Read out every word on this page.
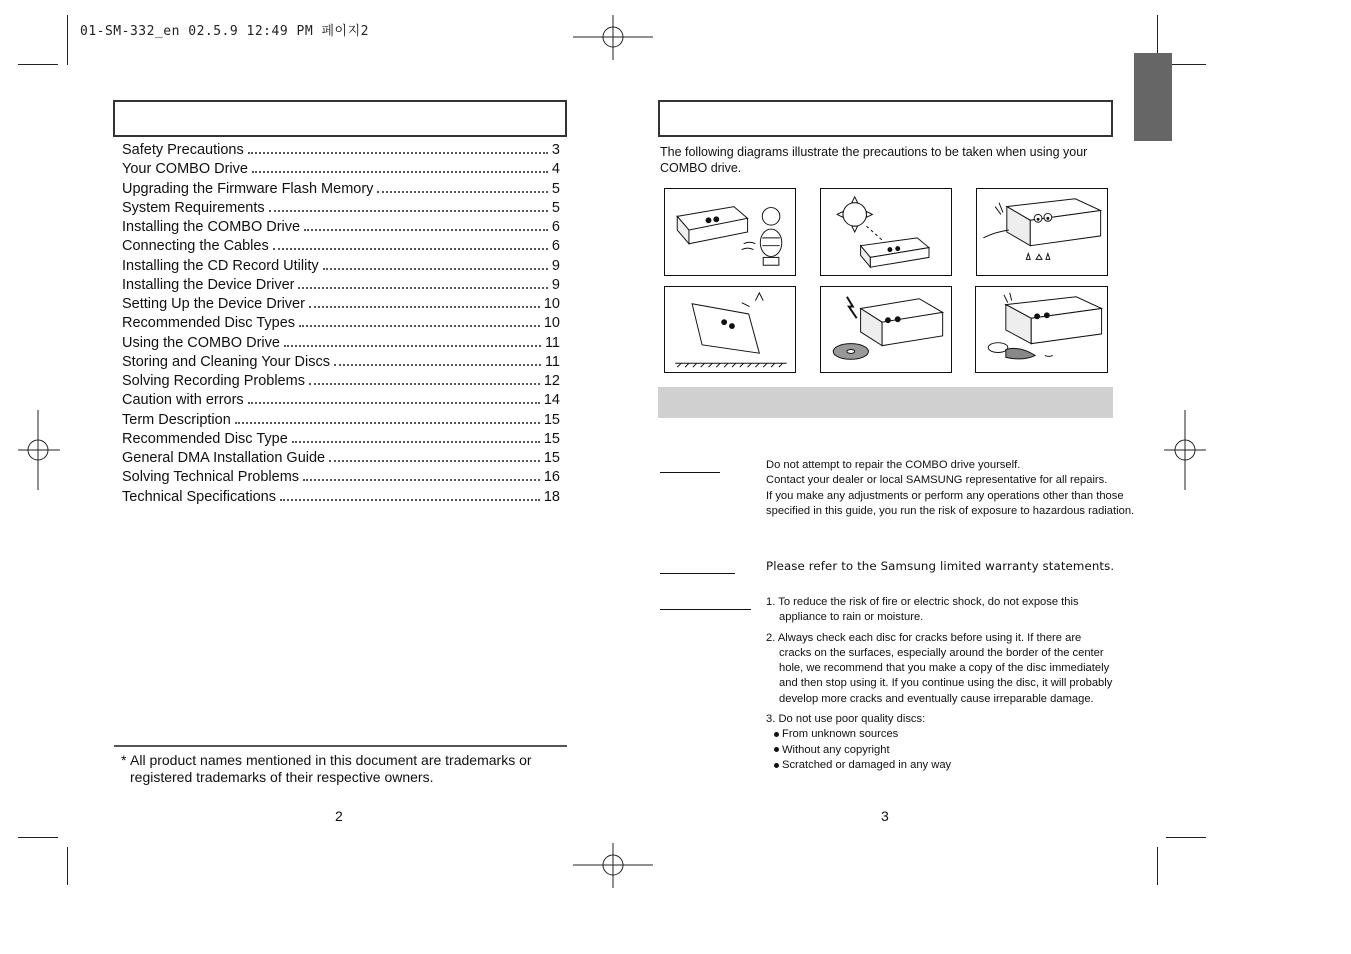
01-SM-332_en 02.5.9 12:49 PM 페이지2
Safety Precautions	3
Your COMBO Drive	4
Upgrading the Firmware Flash Memory	5
System Requirements	5
Installing the COMBO Drive	6
Connecting the Cables	6
Installing the CD Record Utility	9
Installing the Device Driver	9
Setting Up the Device Driver	10
Recommended Disc Types	10
Using the COMBO Drive	11
Storing and Cleaning Your Discs	11
Solving Recording Problems	12
Caution with errors	14
Term Description	15
Recommended Disc Type	15
General DMA Installation Guide	15
Solving Technical Problems	16
Technical Specifications	18
* All product names mentioned in this document are trademarks or registered trademarks of their respective owners.
2
The following diagrams illustrate the precautions to be taken when using your COMBO drive.
Do not attempt to repair the COMBO drive yourself.
Contact your dealer or local SAMSUNG representative for all repairs.
If you make any adjustments or perform any operations other than those
specified in this guide, you run the risk of exposure to hazardous radiation.
Please refer to the Samsung limited warranty statements.
1. To reduce the risk of fire or electric shock, do not expose this
appliance to rain or moisture.
2. Always check each disc for cracks before using it. If there are
cracks on the surfaces, especially around the border of the center
hole, we recommend that you make a copy of the disc immediately
and then stop using it. If you continue using the disc, it will probably
develop more cracks and eventually cause irreparable damage.
3. Do not use poor quality discs:
From unknown sources
Without any copyright
Scratched or damaged in any way
3
